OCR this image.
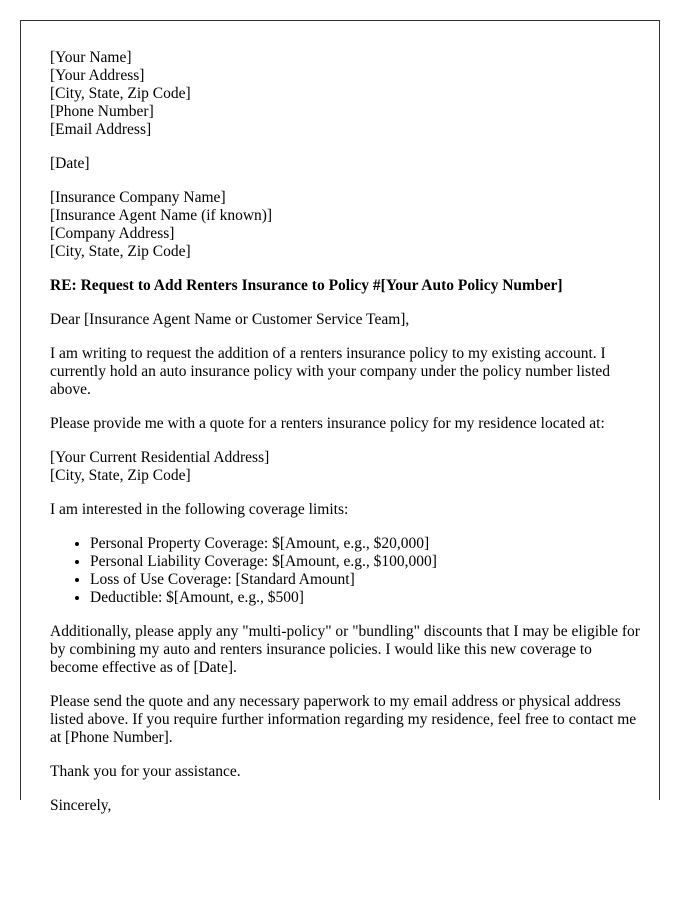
[Your Name]
[Your Address]
[City, State, Zip Code]
[Phone Number]
[Email Address]

[Date]

[Insurance Company Name]
[Insurance Agent Name (if known)]
[Company Address]
[City, State, Zip Code]

RE: Request to Add Renters Insurance to Policy #[Your Auto Policy Number]

Dear [Insurance Agent Name or Customer Service Team],

I am writing to request the addition of a renters insurance policy to my existing account. I currently hold an auto insurance policy with your company under the policy number listed above.

Please provide me with a quote for a renters insurance policy for my residence located at:

[Your Current Residential Address]
[City, State, Zip Code]

I am interested in the following coverage limits:

• Personal Property Coverage: $[Amount, e.g., $20,000]
• Personal Liability Coverage: $[Amount, e.g., $100,000]
• Loss of Use Coverage: [Standard Amount]
• Deductible: $[Amount, e.g., $500]

Additionally, please apply any "multi-policy" or "bundling" discounts that I may be eligible for by combining my auto and renters insurance policies. I would like this new coverage to become effective as of [Date].

Please send the quote and any necessary paperwork to my email address or physical address listed above. If you require further information regarding my residence, feel free to contact me at [Phone Number].

Thank you for your assistance.

Sincerely,
